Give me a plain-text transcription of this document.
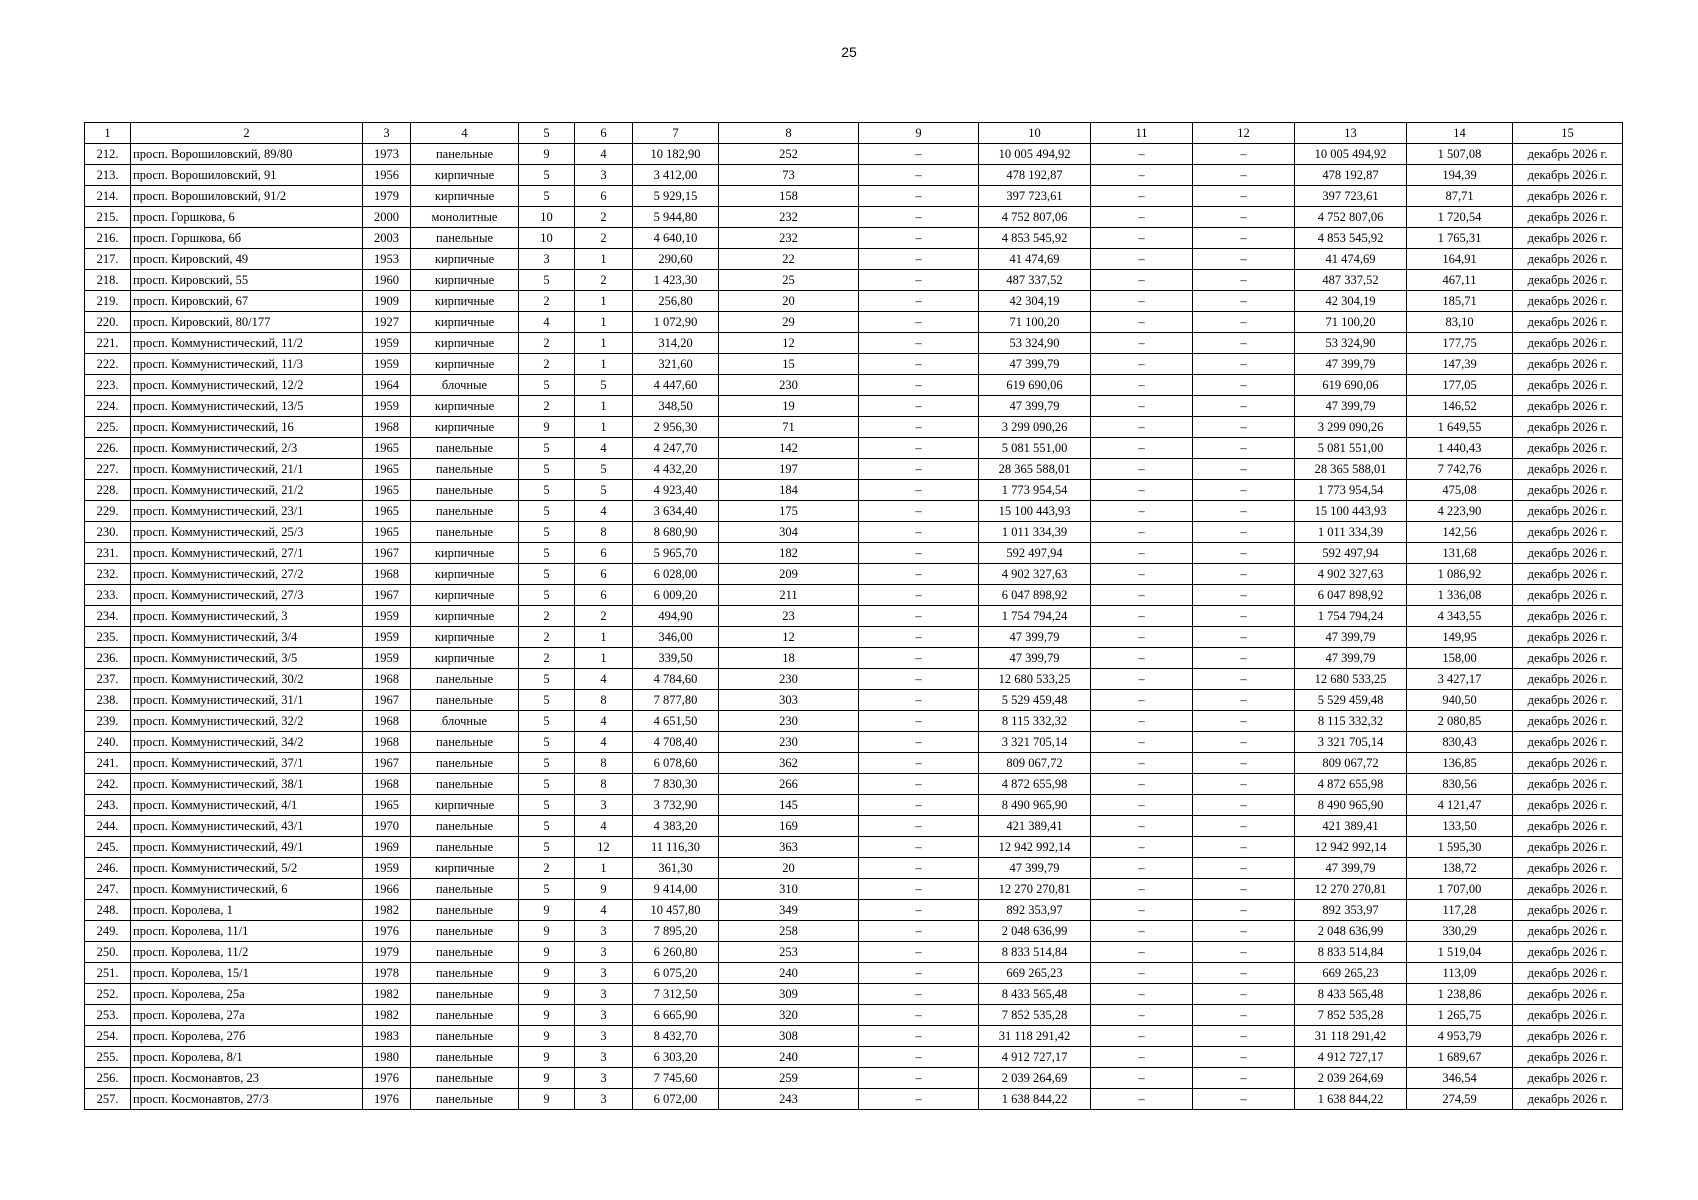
25
1	2	3	4	5	6	7	8	9	10	11	12	13	14	15
212.	просп. Ворошиловский, 89/80	1973	панельные	9	4	10 182,90	252	–	10 005 494,92	–	–	10 005 494,92	1 507,08	декабрь 2026 г.
213.	просп. Ворошиловский, 91	1956	кирпичные	5	3	3 412,00	73	–	478 192,87	–	–	478 192,87	194,39	декабрь 2026 г.
214.	просп. Ворошиловский, 91/2	1979	кирпичные	5	6	5 929,15	158	–	397 723,61	–	–	397 723,61	87,71	декабрь 2026 г.
215.	просп. Горшкова, 6	2000	монолитные	10	2	5 944,80	232	–	4 752 807,06	–	–	4 752 807,06	1 720,54	декабрь 2026 г.
216.	просп. Горшкова, 6б	2003	панельные	10	2	4 640,10	232	–	4 853 545,92	–	–	4 853 545,92	1 765,31	декабрь 2026 г.
217.	просп. Кировский, 49	1953	кирпичные	3	1	290,60	22	–	41 474,69	–	–	41 474,69	164,91	декабрь 2026 г.
218.	просп. Кировский, 55	1960	кирпичные	5	2	1 423,30	25	–	487 337,52	–	–	487 337,52	467,11	декабрь 2026 г.
219.	просп. Кировский, 67	1909	кирпичные	2	1	256,80	20	–	42 304,19	–	–	42 304,19	185,71	декабрь 2026 г.
220.	просп. Кировский, 80/177	1927	кирпичные	4	1	1 072,90	29	–	71 100,20	–	–	71 100,20	83,10	декабрь 2026 г.
221.	просп. Коммунистический, 11/2	1959	кирпичные	2	1	314,20	12	–	53 324,90	–	–	53 324,90	177,75	декабрь 2026 г.
222.	просп. Коммунистический, 11/3	1959	кирпичные	2	1	321,60	15	–	47 399,79	–	–	47 399,79	147,39	декабрь 2026 г.
223.	просп. Коммунистический, 12/2	1964	блочные	5	5	4 447,60	230	–	619 690,06	–	–	619 690,06	177,05	декабрь 2026 г.
224.	просп. Коммунистический, 13/5	1959	кирпичные	2	1	348,50	19	–	47 399,79	–	–	47 399,79	146,52	декабрь 2026 г.
225.	просп. Коммунистический, 16	1968	кирпичные	9	1	2 956,30	71	–	3 299 090,26	–	–	3 299 090,26	1 649,55	декабрь 2026 г.
226.	просп. Коммунистический, 2/3	1965	панельные	5	4	4 247,70	142	–	5 081 551,00	–	–	5 081 551,00	1 440,43	декабрь 2026 г.
227.	просп. Коммунистический, 21/1	1965	панельные	5	5	4 432,20	197	–	28 365 588,01	–	–	28 365 588,01	7 742,76	декабрь 2026 г.
228.	просп. Коммунистический, 21/2	1965	панельные	5	5	4 923,40	184	–	1 773 954,54	–	–	1 773 954,54	475,08	декабрь 2026 г.
229.	просп. Коммунистический, 23/1	1965	панельные	5	4	3 634,40	175	–	15 100 443,93	–	–	15 100 443,93	4 223,90	декабрь 2026 г.
230.	просп. Коммунистический, 25/3	1965	панельные	5	8	8 680,90	304	–	1 011 334,39	–	–	1 011 334,39	142,56	декабрь 2026 г.
231.	просп. Коммунистический, 27/1	1967	кирпичные	5	6	5 965,70	182	–	592 497,94	–	–	592 497,94	131,68	декабрь 2026 г.
232.	просп. Коммунистический, 27/2	1968	кирпичные	5	6	6 028,00	209	–	4 902 327,63	–	–	4 902 327,63	1 086,92	декабрь 2026 г.
233.	просп. Коммунистический, 27/3	1967	кирпичные	5	6	6 009,20	211	–	6 047 898,92	–	–	6 047 898,92	1 336,08	декабрь 2026 г.
234.	просп. Коммунистический, 3	1959	кирпичные	2	2	494,90	23	–	1 754 794,24	–	–	1 754 794,24	4 343,55	декабрь 2026 г.
235.	просп. Коммунистический, 3/4	1959	кирпичные	2	1	346,00	12	–	47 399,79	–	–	47 399,79	149,95	декабрь 2026 г.
236.	просп. Коммунистический, 3/5	1959	кирпичные	2	1	339,50	18	–	47 399,79	–	–	47 399,79	158,00	декабрь 2026 г.
237.	просп. Коммунистический, 30/2	1968	панельные	5	4	4 784,60	230	–	12 680 533,25	–	–	12 680 533,25	3 427,17	декабрь 2026 г.
238.	просп. Коммунистический, 31/1	1967	панельные	5	8	7 877,80	303	–	5 529 459,48	–	–	5 529 459,48	940,50	декабрь 2026 г.
239.	просп. Коммунистический, 32/2	1968	блочные	5	4	4 651,50	230	–	8 115 332,32	–	–	8 115 332,32	2 080,85	декабрь 2026 г.
240.	просп. Коммунистический, 34/2	1968	панельные	5	4	4 708,40	230	–	3 321 705,14	–	–	3 321 705,14	830,43	декабрь 2026 г.
241.	просп. Коммунистический, 37/1	1967	панельные	5	8	6 078,60	362	–	809 067,72	–	–	809 067,72	136,85	декабрь 2026 г.
242.	просп. Коммунистический, 38/1	1968	панельные	5	8	7 830,30	266	–	4 872 655,98	–	–	4 872 655,98	830,56	декабрь 2026 г.
243.	просп. Коммунистический, 4/1	1965	кирпичные	5	3	3 732,90	145	–	8 490 965,90	–	–	8 490 965,90	4 121,47	декабрь 2026 г.
244.	просп. Коммунистический, 43/1	1970	панельные	5	4	4 383,20	169	–	421 389,41	–	–	421 389,41	133,50	декабрь 2026 г.
245.	просп. Коммунистический, 49/1	1969	панельные	5	12	11 116,30	363	–	12 942 992,14	–	–	12 942 992,14	1 595,30	декабрь 2026 г.
246.	просп. Коммунистический, 5/2	1959	кирпичные	2	1	361,30	20	–	47 399,79	–	–	47 399,79	138,72	декабрь 2026 г.
247.	просп. Коммунистический, 6	1966	панельные	5	9	9 414,00	310	–	12 270 270,81	–	–	12 270 270,81	1 707,00	декабрь 2026 г.
248.	просп. Королева, 1	1982	панельные	9	4	10 457,80	349	–	892 353,97	–	–	892 353,97	117,28	декабрь 2026 г.
249.	просп. Королева, 11/1	1976	панельные	9	3	7 895,20	258	–	2 048 636,99	–	–	2 048 636,99	330,29	декабрь 2026 г.
250.	просп. Королева, 11/2	1979	панельные	9	3	6 260,80	253	–	8 833 514,84	–	–	8 833 514,84	1 519,04	декабрь 2026 г.
251.	просп. Королева, 15/1	1978	панельные	9	3	6 075,20	240	–	669 265,23	–	–	669 265,23	113,09	декабрь 2026 г.
252.	просп. Королева, 25а	1982	панельные	9	3	7 312,50	309	–	8 433 565,48	–	–	8 433 565,48	1 238,86	декабрь 2026 г.
253.	просп. Королева, 27а	1982	панельные	9	3	6 665,90	320	–	7 852 535,28	–	–	7 852 535,28	1 265,75	декабрь 2026 г.
254.	просп. Королева, 27б	1983	панельные	9	3	8 432,70	308	–	31 118 291,42	–	–	31 118 291,42	4 953,79	декабрь 2026 г.
255.	просп. Королева, 8/1	1980	панельные	9	3	6 303,20	240	–	4 912 727,17	–	–	4 912 727,17	1 689,67	декабрь 2026 г.
256.	просп. Космонавтов, 23	1976	панельные	9	3	7 745,60	259	–	2 039 264,69	–	–	2 039 264,69	346,54	декабрь 2026 г.
257.	просп. Космонавтов, 27/3	1976	панельные	9	3	6 072,00	243	–	1 638 844,22	–	–	1 638 844,22	274,59	декабрь 2026 г.
